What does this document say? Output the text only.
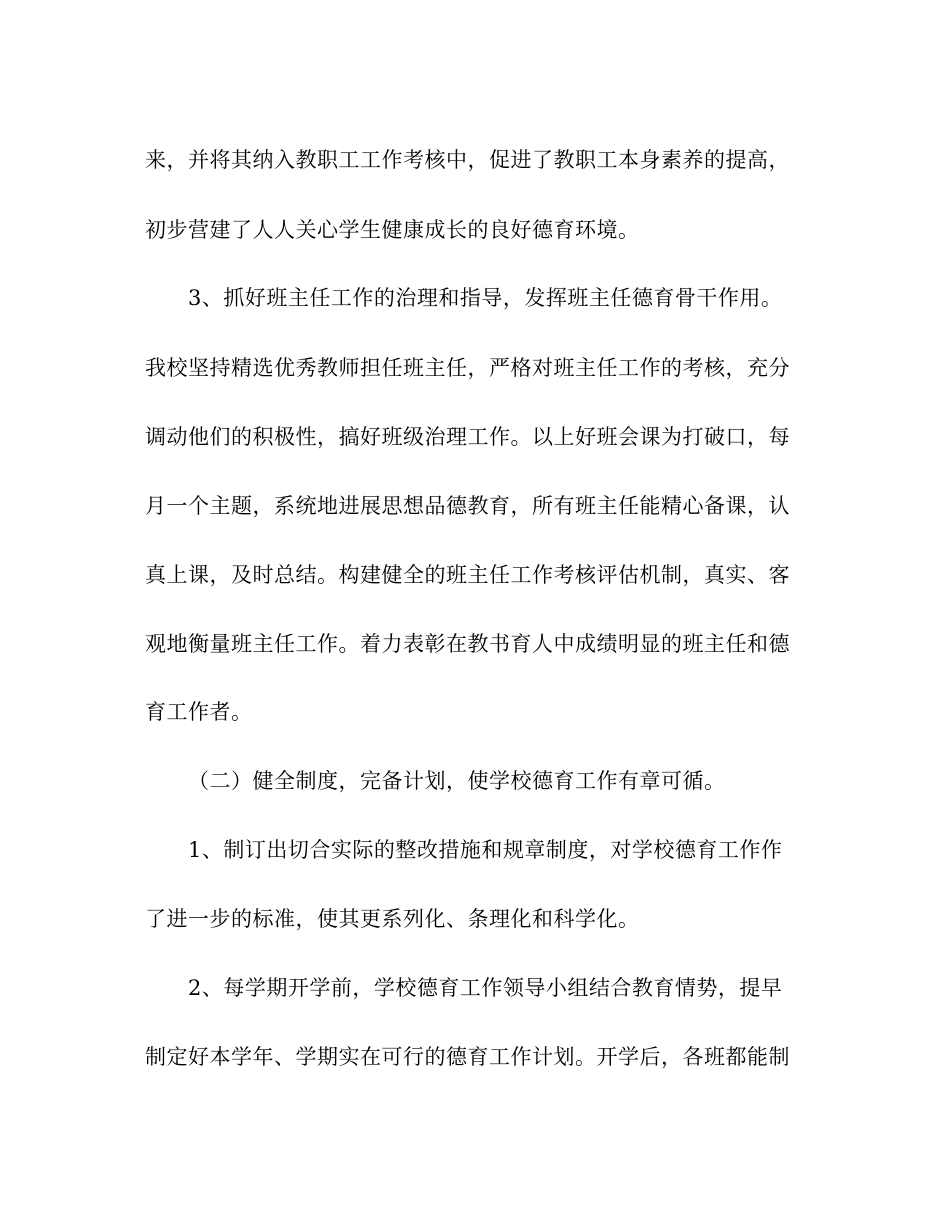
来，并将其纳入教职工工作考核中，促进了教职工本身素养的提高，
初步营建了人人关心学生健康成长的良好德育环境。
3、抓好班主任工作的治理和指导，发挥班主任德育骨干作用。
我校坚持精选优秀教师担任班主任，严格对班主任工作的考核，充分
调动他们的积极性，搞好班级治理工作。以上好班会课为打破口，每
月一个主题，系统地进展思想品德教育，所有班主任能精心备课，认
真上课，及时总结。构建健全的班主任工作考核评估机制，真实、客
观地衡量班主任工作。着力表彰在教书育人中成绩明显的班主任和德
育工作者。
（二）健全制度，完备计划，使学校德育工作有章可循。
1、制订出切合实际的整改措施和规章制度，对学校德育工作作
了进一步的标准，使其更系列化、条理化和科学化。
2、每学期开学前，学校德育工作领导小组结合教育情势，提早
制定好本学年、学期实在可行的德育工作计划。开学后，各班都能制
